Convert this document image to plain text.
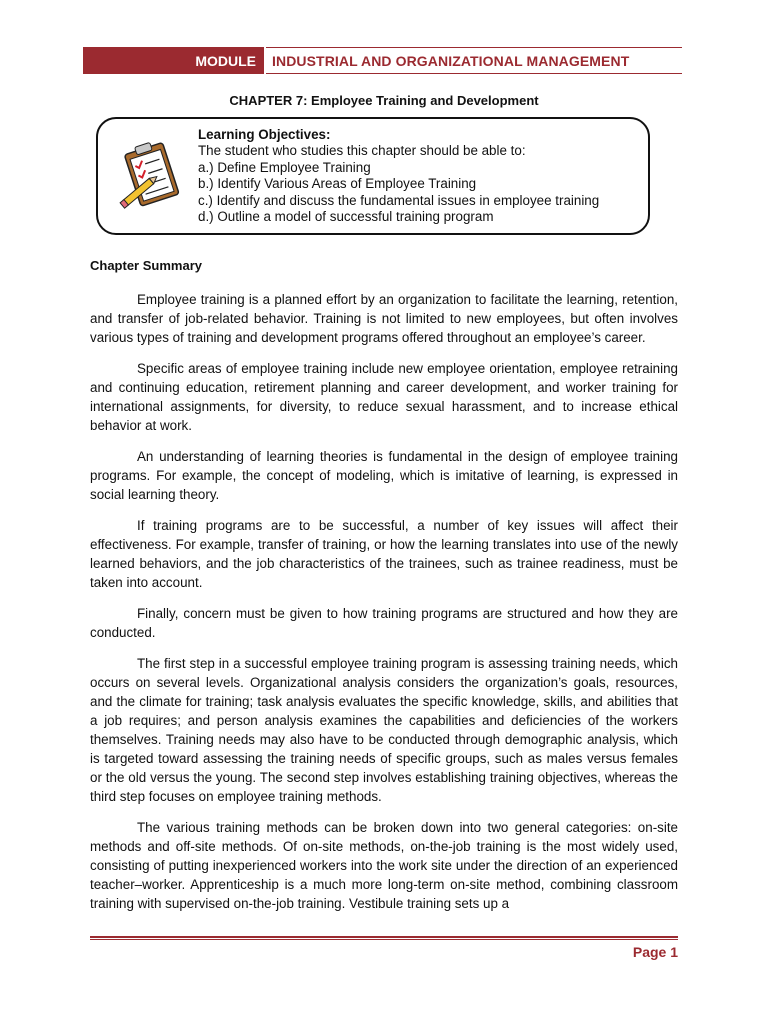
MODULE	INDUSTRIAL AND ORGANIZATIONAL MANAGEMENT
CHAPTER 7: Employee Training and Development
Learning Objectives:
The student who studies this chapter should be able to:
a.) Define Employee Training
b.) Identify Various Areas of Employee Training
c.) Identify and discuss the fundamental issues in employee training
d.) Outline a model of successful training program
Chapter Summary

Employee training is a planned effort by an organization to facilitate the learning, retention, and transfer of job-related behavior. Training is not limited to new employees, but often involves various types of training and development programs offered throughout an employee’s career.

Specific areas of employee training include new employee orientation, employee retraining and continuing education, retirement planning and career development, and worker training for international assignments, for diversity, to reduce sexual harassment, and to increase ethical behavior at work.

An understanding of learning theories is fundamental in the design of employee training programs. For example, the concept of modeling, which is imitative of learning, is expressed in social learning theory.

If training programs are to be successful, a number of key issues will affect their effectiveness. For example, transfer of training, or how the learning translates into use of the newly learned behaviors, and the job characteristics of the trainees, such as trainee readiness, must be taken into account.

Finally, concern must be given to how training programs are structured and how they are conducted.

The first step in a successful employee training program is assessing training needs, which occurs on several levels. Organizational analysis considers the organization’s goals, resources, and the climate for training; task analysis evaluates the specific knowledge, skills, and abilities that a job requires; and person analysis examines the capabilities and deficiencies of the workers themselves. Training needs may also have to be conducted through demographic analysis, which is targeted toward assessing the training needs of specific groups, such as males versus females or the old versus the young. The second step involves establishing training objectives, whereas the third step focuses on employee training methods.

The various training methods can be broken down into two general categories: on-site methods and off-site methods. Of on-site methods, on-the-job training is the most widely used, consisting of putting inexperienced workers into the work site under the direction of an experienced teacher–worker. Apprenticeship is a much more long-term on-site method, combining classroom training with supervised on-the-job training. Vestibule training sets up a

Page 1
